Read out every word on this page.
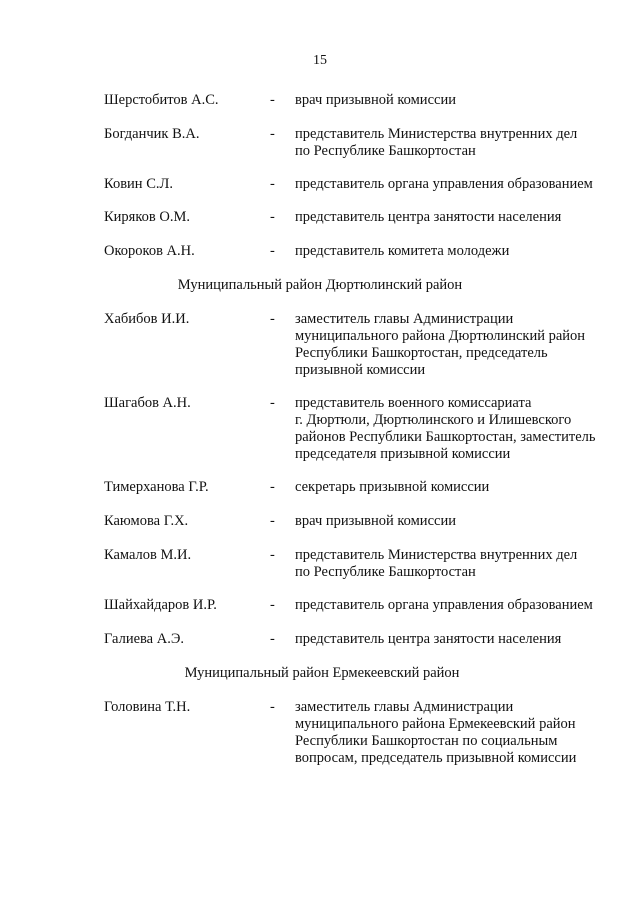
15
Шерстобитов А.С.	- врач призывной комиссии
Богданчик В.А.	- представитель Министерства внутренних дел
по Республике Башкортостан
Ковин С.Л.	- представитель органа управления образованием
Киряков О.М.	- представитель центра занятости населения
Окороков А.Н.	- представитель комитета молодежи
Муниципальный район Дюртюлинский район
Хабибов И.И.	- заместитель главы Администрации
муниципального района Дюртюлинский район
Республики Башкортостан, председатель
призывной комиссии
Шагабов А.Н.	- представитель военного комиссариата
г. Дюртюли, Дюртюлинского и Илишевского
районов Республики Башкортостан, заместитель
председателя призывной комиссии
Тимерханова Г.Р.	- секретарь призывной комиссии
Каюмова Г.Х.	- врач призывной комиссии
Камалов М.И.	- представитель Министерства внутренних дел
по Республике Башкортостан
Шайхайдаров И.Р.	- представитель органа управления образованием
Галиева А.Э.	- представитель центра занятости населения
Муниципальный район Ермекеевский район
Головина Т.Н.	- заместитель главы Администрации
муниципального района Ермекеевский район
Республики Башкортостан по социальным
вопросам, председатель призывной комиссии
